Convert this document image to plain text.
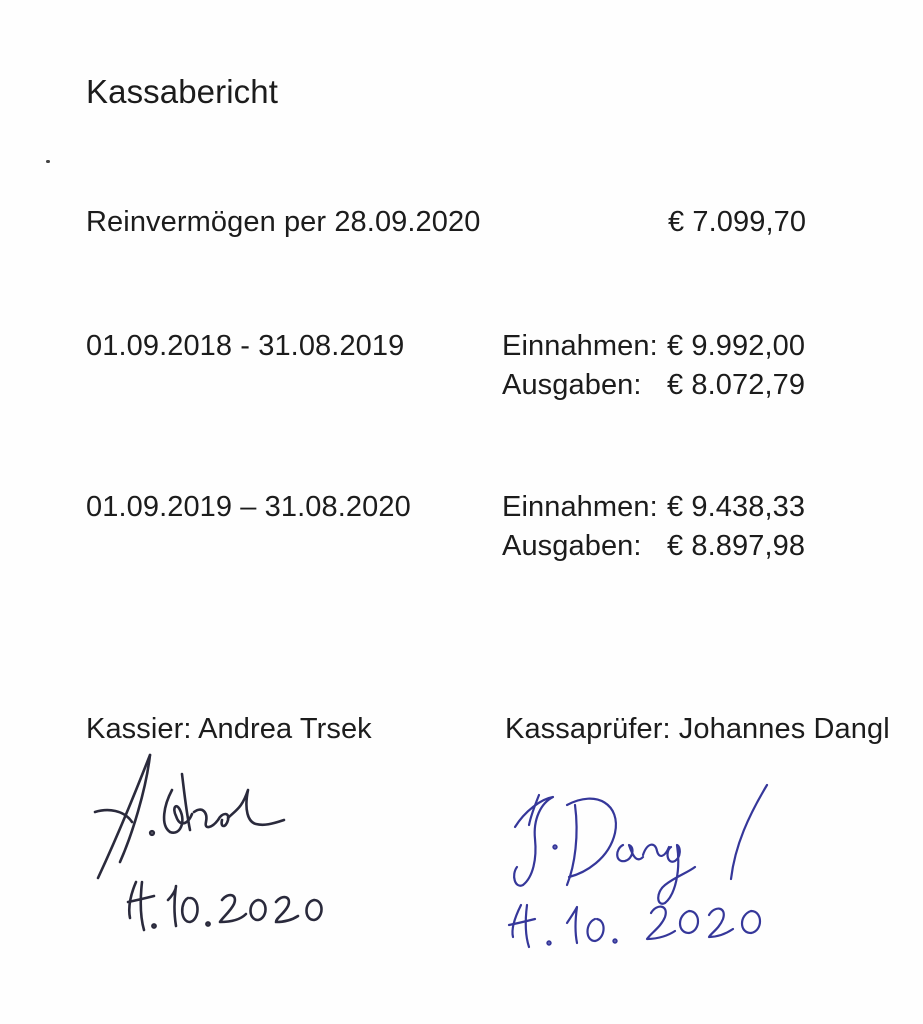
Kassabericht
Reinvermögen per 28.09.2020	€ 7.099,70
01.09.2018 - 31.08.2019	Einnahmen: € 9.992,00
Ausgaben: € 8.072,79
01.09.2019 – 31.08.2020	Einnahmen: € 9.438,33
Ausgaben: € 8.897,98
Kassier: Andrea Trsek	Kassaprüfer: Johannes Dangl
